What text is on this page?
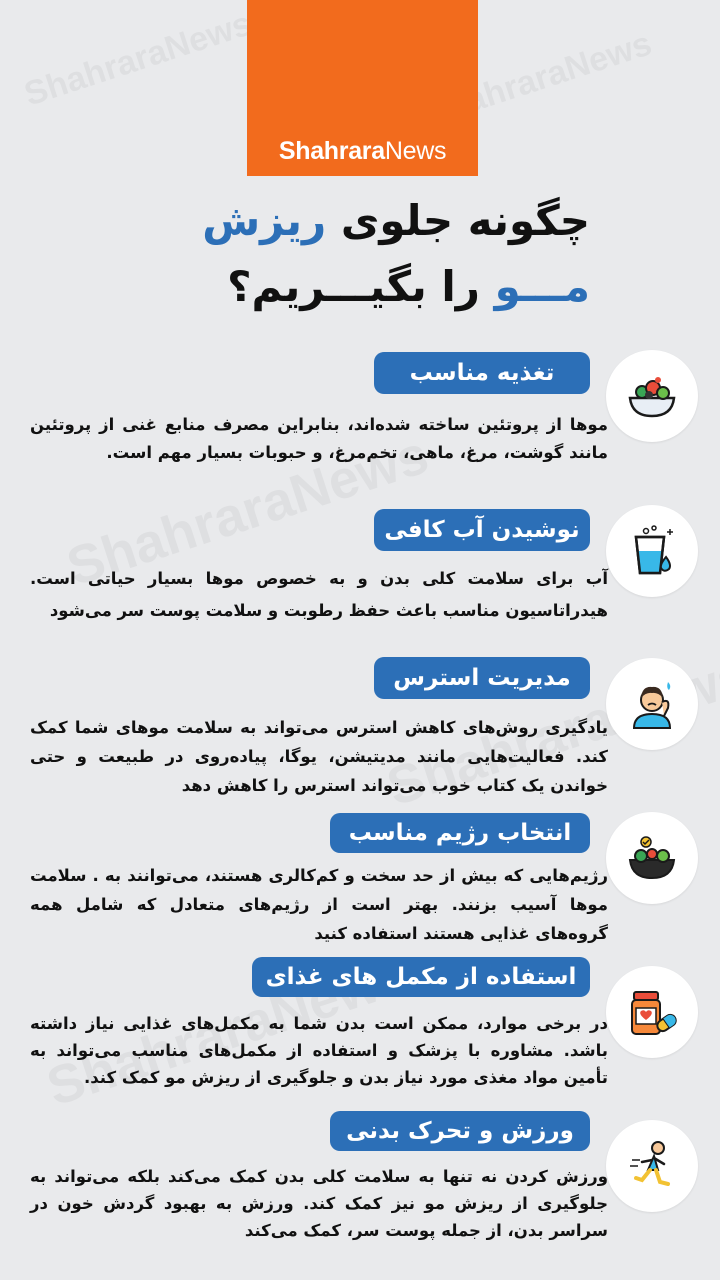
ShahraraNews
چگونه جلوی ریزش
مـــو را بگیـــریم؟
تغذیه مناسب
موها از پروتئین ساخته شده‌اند، بنابراین مصرف منابع غنی از پروتئین مانند گوشت، مرغ، ماهی، تخم‌مرغ، و حبوبات بسیار مهم است.
نوشیدن آب کافی
آب برای سلامت کلی بدن و به خصوص موها بسیار حیاتی است. هیدراتاسیون مناسب باعث حفظ رطوبت و سلامت پوست سر می‌شود
مدیریت استرس
یادگیری روش‌های کاهش استرس می‌تواند به سلامت موهای شما کمک کند. فعالیت‌هایی مانند مدیتیشن، یوگا، پیاده‌روی در طبیعت و حتی خواندن یک کتاب خوب می‌تواند استرس را کاهش دهد
انتخاب رژیم مناسب
رژیم‌هایی که بیش از حد سخت و کم‌کالری هستند، می‌توانند به . سلامت موها آسیب بزنند. بهتر است از رژیم‌های متعادل که شامل همه گروه‌های غذایی هستند استفاده کنید
استفاده از مکمل های غذای
در برخی موارد، ممکن است بدن شما به مکمل‌های غذایی نیاز داشته باشد. مشاوره با پزشک و استفاده از مکمل‌های مناسب می‌تواند به تأمین مواد مغذی مورد نیاز بدن و جلوگیری از ریزش مو کمک کند.
ورزش و تحرک بدنی
ورزش کردن نه تنها به سلامت کلی بدن کمک می‌کند بلکه می‌تواند به جلوگیری از ریزش مو نیز کمک کند. ورزش به بهبود گردش خون در سراسر بدن، از جمله پوست سر، کمک می‌کند
